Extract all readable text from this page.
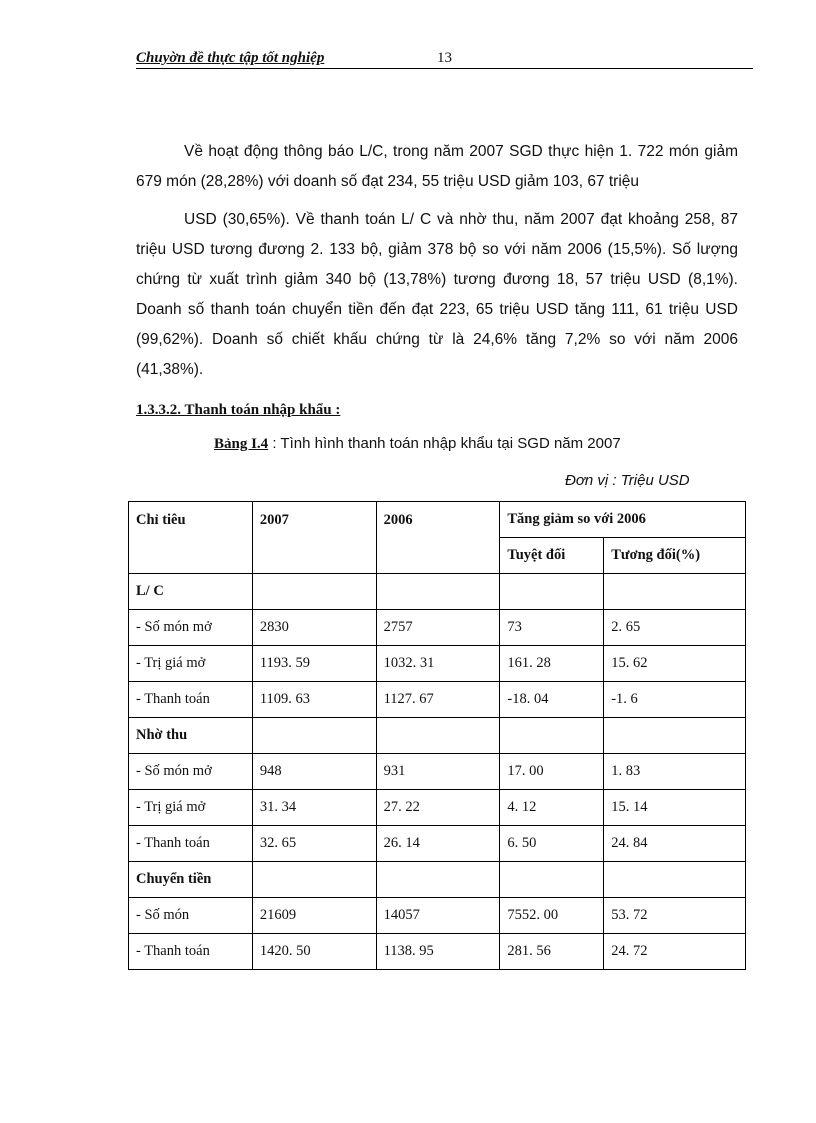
Chuyờn đề thực tập tốt nghiệp	13
Về hoạt động thông báo L/C, trong năm 2007 SGD thực hiện 1. 722 món giảm 679 món (28,28%) với doanh số đạt 234, 55 triệu USD giảm 103, 67 triệu
USD (30,65%). Về thanh toán L/ C và nhờ thu, năm 2007 đạt khoảng 258, 87 triệu USD tương đương 2. 133 bộ, giảm 378 bộ so với năm 2006 (15,5%). Số lượng chứng từ xuất trình giảm 340 bộ (13,78%) tương đương 18, 57 triệu USD (8,1%). Doanh số thanh toán chuyển tiền đến đạt 223, 65 triệu USD tăng 111, 61 triệu USD (99,62%). Doanh số chiết khấu chứng từ là 24,6% tăng 7,2% so với năm 2006 (41,38%).
1.3.3.2. Thanh toán nhập khẩu :
Bảng I.4 : Tình hình thanh toán nhập khẩu tại SGD năm 2007
Đơn vị : Triệu USD
Chỉ tiêu	2007	2006	Tăng giảm so với 2006	
			Tuyệt đối	Tương đối(%)
L/ C				
- Số món mở	2830	2757	73	2. 65
- Trị giá mở	1193. 59	1032. 31	161. 28	15. 62
- Thanh toán	1109. 63	1127. 67	-18. 04	-1. 6
Nhờ thu				
- Số món mở	948	931	17. 00	1. 83
- Trị giá mở	31. 34	27. 22	4. 12	15. 14
- Thanh toán	32. 65	26. 14	6. 50	24. 84
Chuyển tiền				
- Số món	21609	14057	7552. 00	53. 72
- Thanh toán	1420. 50	1138. 95	281. 56	24. 72
